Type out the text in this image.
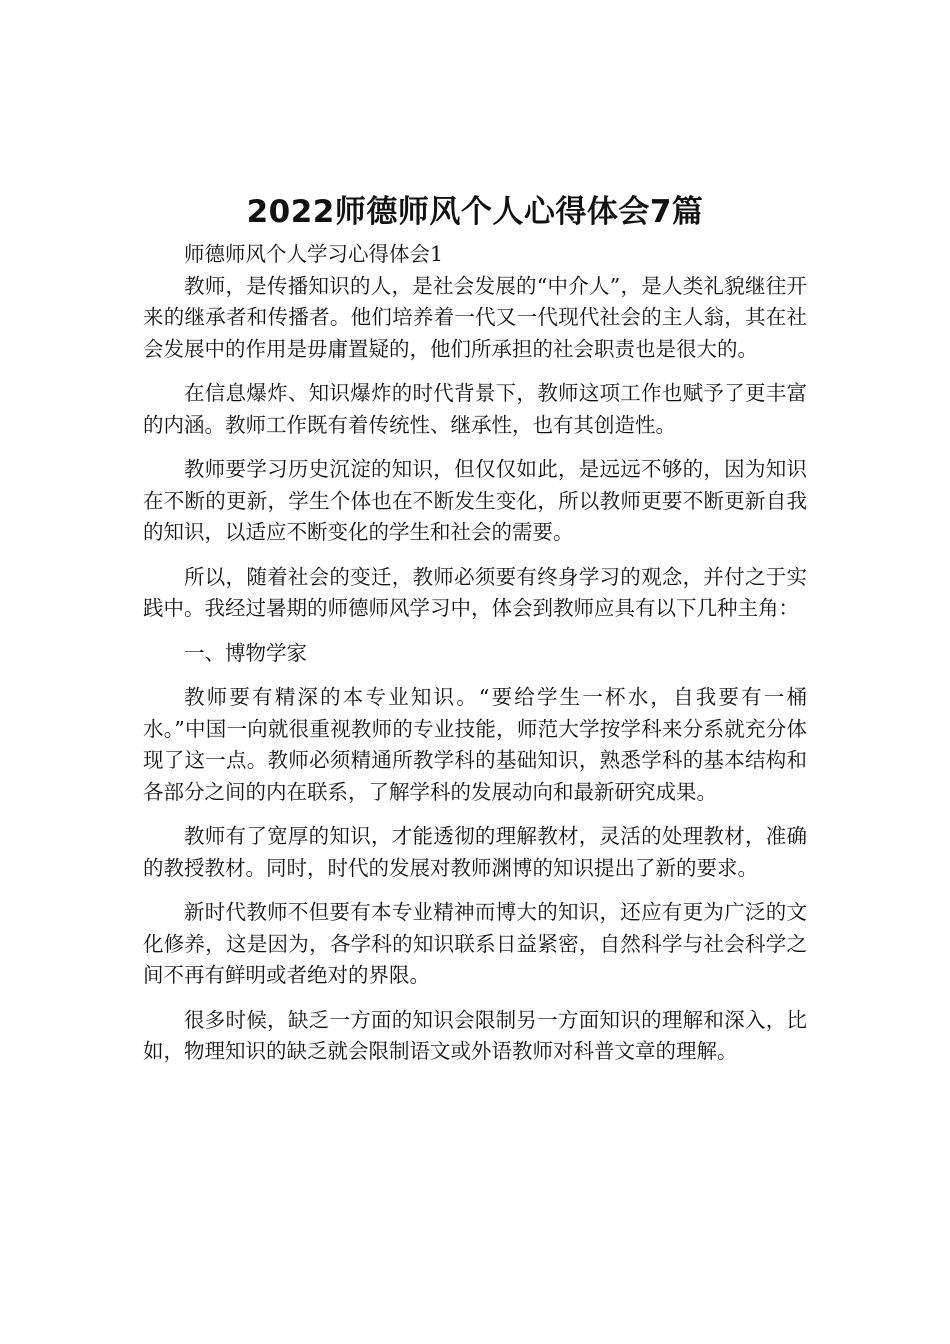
2022师德师风个人心得体会7篇

师德师风个人学习心得体会1

教师，是传播知识的人，是社会发展的“中介人”，是人类礼貌继往开来的继承者和传播者。他们培养着一代又一代现代社会的主人翁，其在社会发展中的作用是毋庸置疑的，他们所承担的社会职责也是很大的。

在信息爆炸、知识爆炸的时代背景下，教师这项工作也赋予了更丰富的内涵。教师工作既有着传统性、继承性，也有其创造性。

教师要学习历史沉淀的知识，但仅仅如此，是远远不够的，因为知识在不断的更新，学生个体也在不断发生变化，所以教师更要不断更新自我的知识，以适应不断变化的学生和社会的需要。

所以，随着社会的变迁，教师必须要有终身学习的观念，并付之于实践中。我经过暑期的师德师风学习中，体会到教师应具有以下几种主角：

一、博物学家

教师要有精深的本专业知识。“要给学生一杯水，自我要有一桶水。”中国一向就很重视教师的专业技能，师范大学按学科来分系就充分体现了这一点。教师必须精通所教学科的基础知识，熟悉学科的基本结构和各部分之间的内在联系，了解学科的发展动向和最新研究成果。

教师有了宽厚的知识，才能透彻的理解教材，灵活的处理教材，准确的教授教材。同时，时代的发展对教师渊博的知识提出了新的要求。

新时代教师不但要有本专业精神而博大的知识，还应有更为广泛的文化修养，这是因为，各学科的知识联系日益紧密，自然科学与社会科学之间不再有鲜明或者绝对的界限。

很多时候，缺乏一方面的知识会限制另一方面知识的理解和深入，比如，物理知识的缺乏就会限制语文或外语教师对科普文章的理解。
